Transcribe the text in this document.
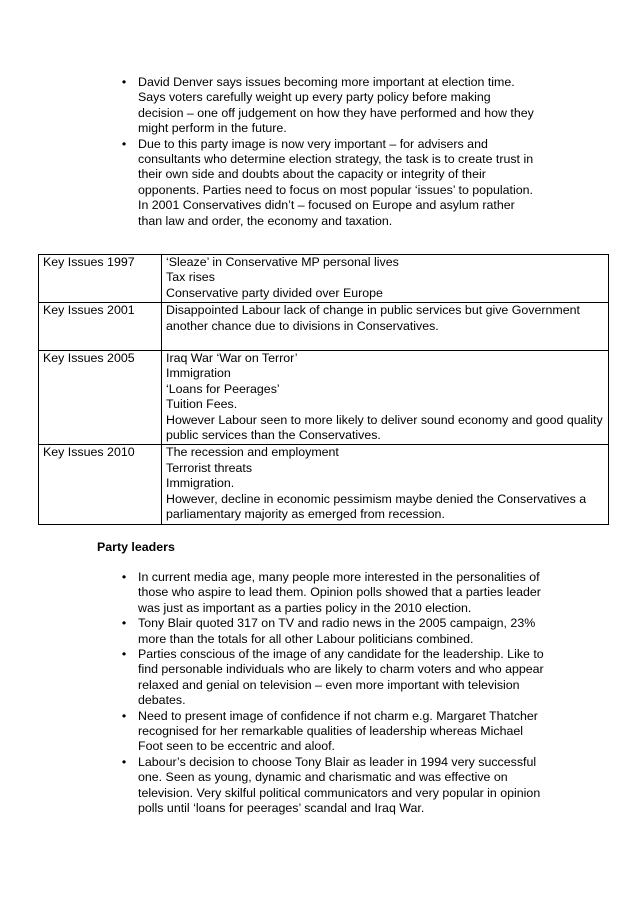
• David Denver says issues becoming more important at election time. Says voters carefully weight up every party policy before making decision – one off judgement on how they have performed and how they might perform in the future.
• Due to this party image is now very important – for advisers and consultants who determine election strategy, the task is to create trust in their own side and doubts about the capacity or integrity of their opponents. Parties need to focus on most popular ‘issues’ to population. In 2001 Conservatives didn’t – focused on Europe and asylum rather than law and order, the economy and taxation.
Key Issues 1997	‘Sleaze’ in Conservative MP personal lives
Tax rises
Conservative party divided over Europe

Key Issues 2001	Disappointed Labour lack of change in public services but give Government another chance due to divisions in Conservatives.

Key Issues 2005	Iraq War ‘War on Terror’
Immigration
‘Loans for Peerages’
Tuition Fees.
However Labour seen to more likely to deliver sound economy and good quality public services than the Conservatives.

Key Issues 2010	The recession and employment
Terrorist threats
Immigration.
However, decline in economic pessimism maybe denied the Conservatives a parliamentary majority as emerged from recession.
Party leaders
• In current media age, many people more interested in the personalities of those who aspire to lead them. Opinion polls showed that a parties leader was just as important as a parties policy in the 2010 election.
• Tony Blair quoted 317 on TV and radio news in the 2005 campaign, 23% more than the totals for all other Labour politicians combined.
• Parties conscious of the image of any candidate for the leadership. Like to find personable individuals who are likely to charm voters and who appear relaxed and genial on television – even more important with television debates.
• Need to present image of confidence if not charm e.g. Margaret Thatcher recognised for her remarkable qualities of leadership whereas Michael Foot seen to be eccentric and aloof.
• Labour’s decision to choose Tony Blair as leader in 1994 very successful one. Seen as young, dynamic and charismatic and was effective on television. Very skilful political communicators and very popular in opinion polls until ‘loans for peerages’ scandal and Iraq War.
